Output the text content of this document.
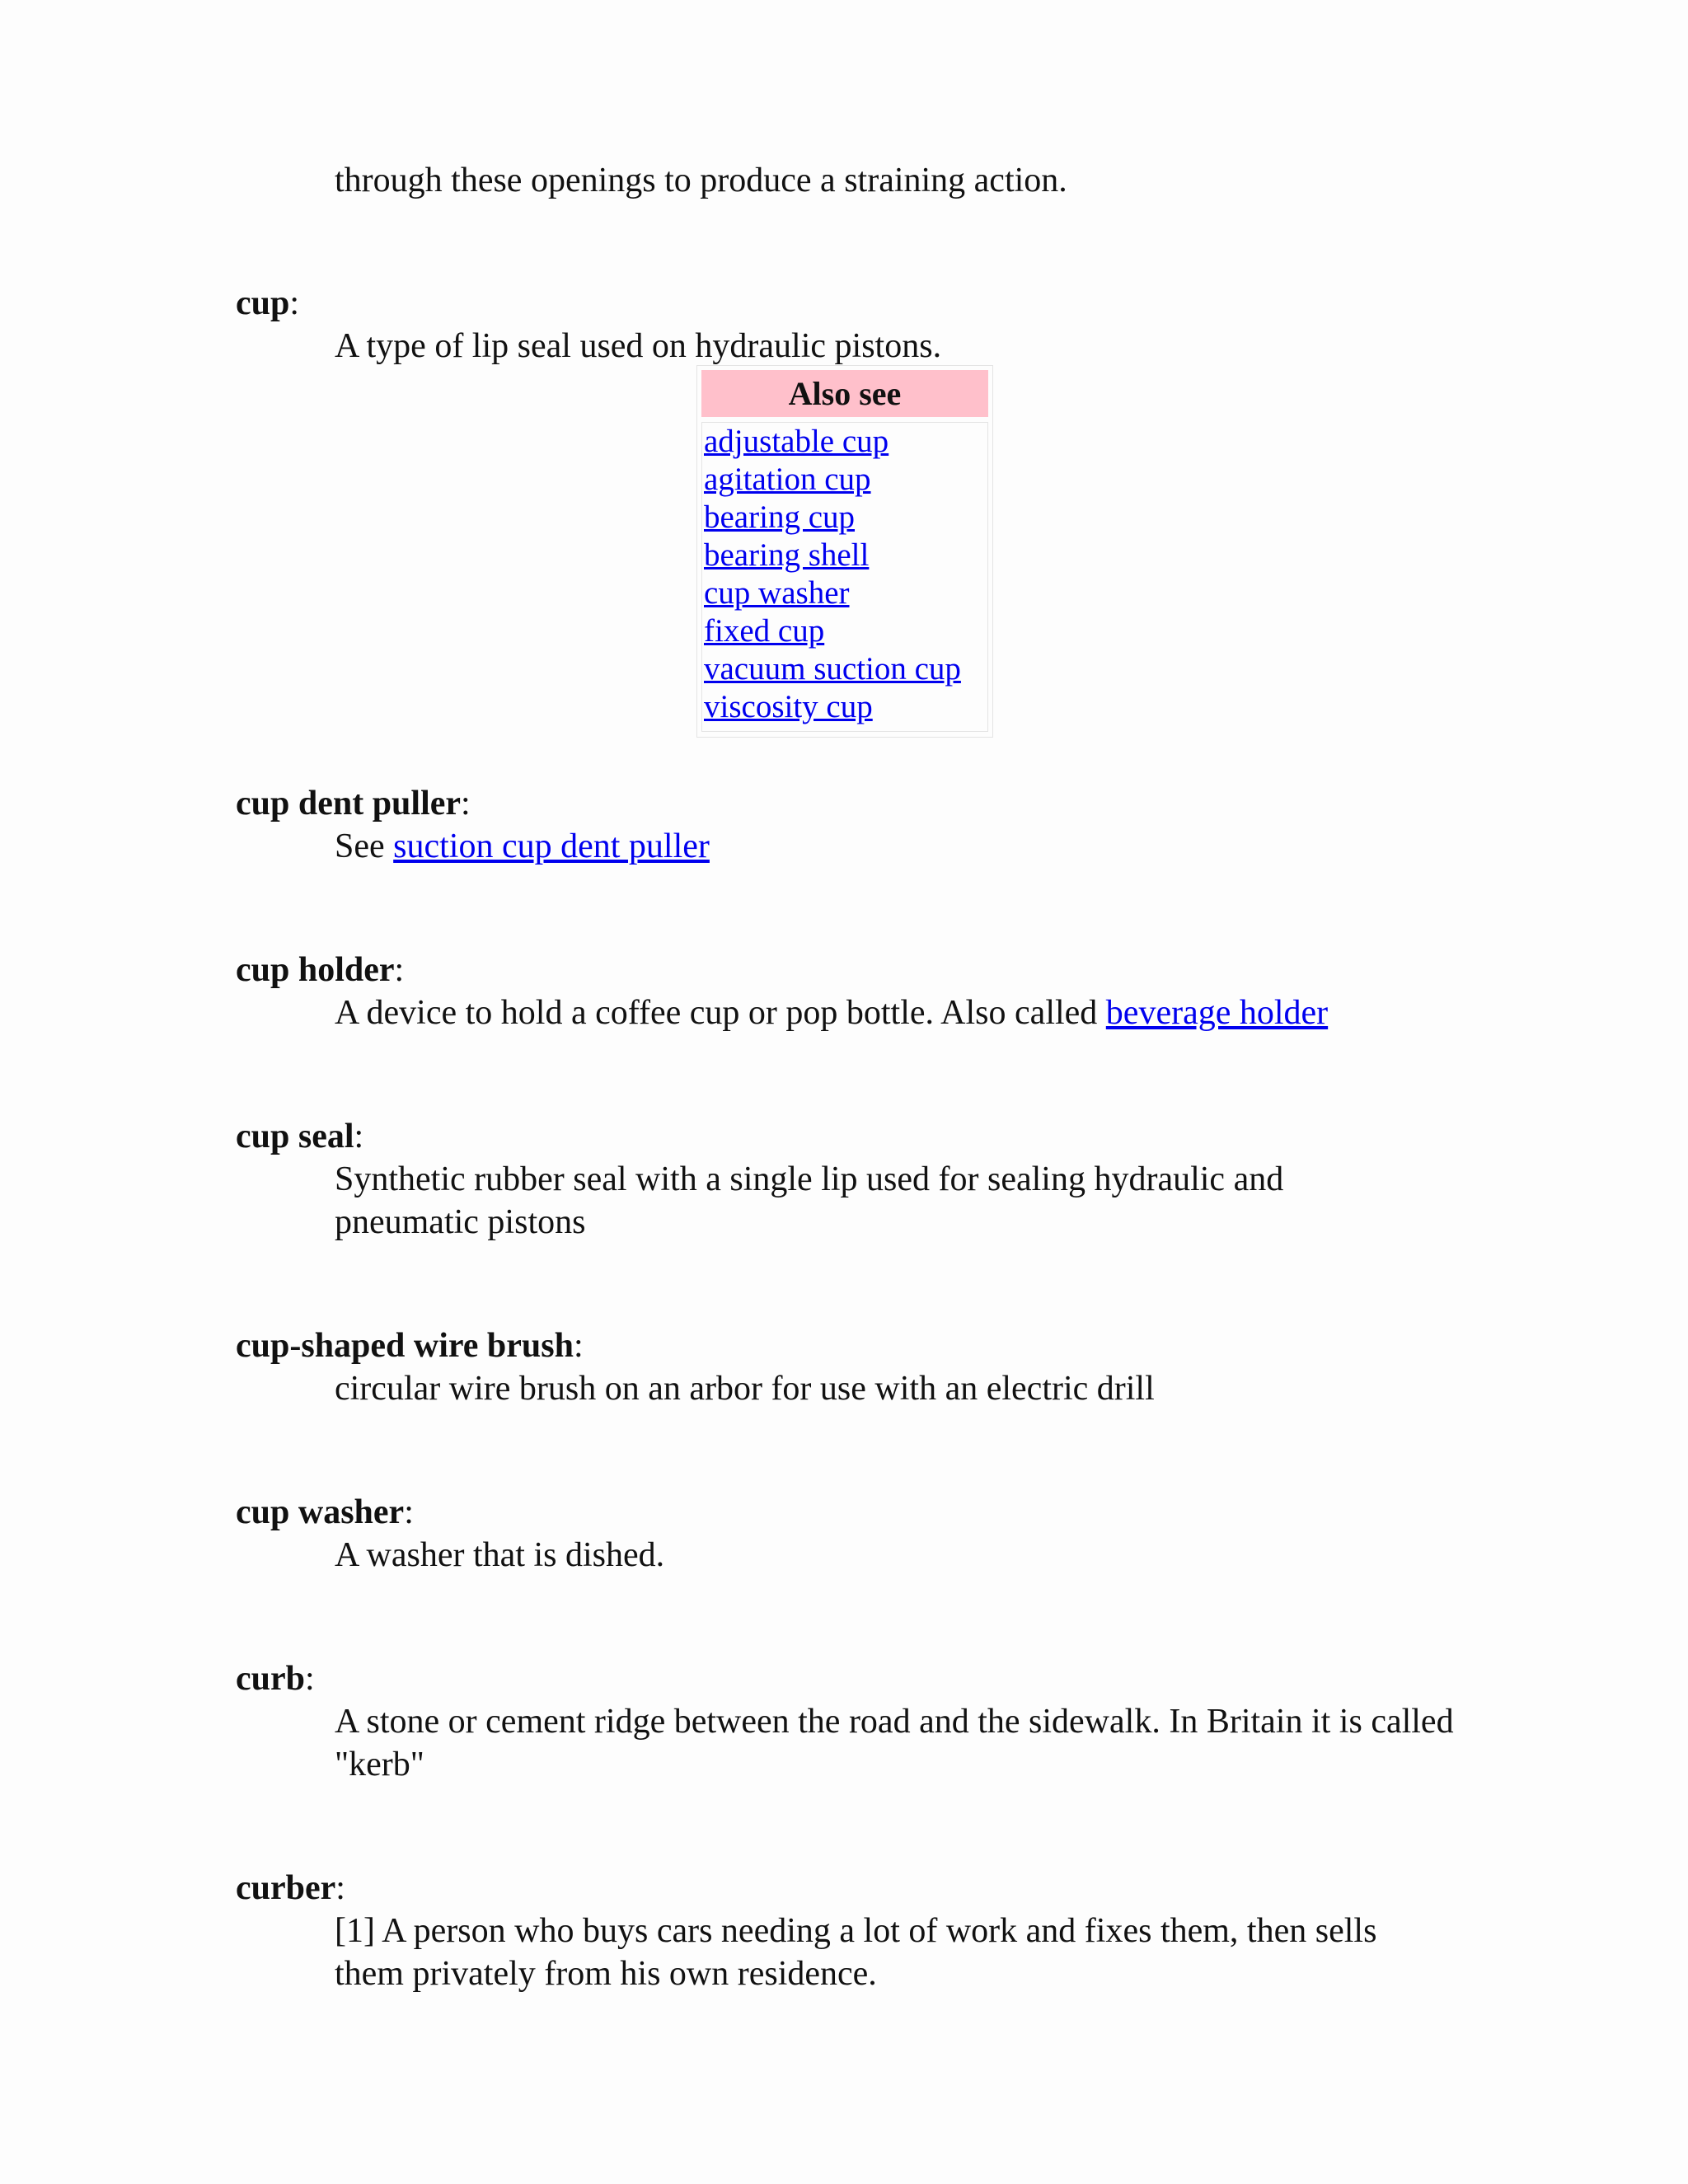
through these openings to produce a straining action.
cup:
A type of lip seal used on hydraulic pistons.
Also see
adjustable cup
agitation cup
bearing cup
bearing shell
cup washer
fixed cup
vacuum suction cup
viscosity cup
cup dent puller:
See suction cup dent puller
cup holder:
A device to hold a coffee cup or pop bottle. Also called beverage holder
cup seal:
Synthetic rubber seal with a single lip used for sealing hydraulic and pneumatic pistons
cup-shaped wire brush:
circular wire brush on an arbor for use with an electric drill
cup washer:
A washer that is dished.
curb:
A stone or cement ridge between the road and the sidewalk. In Britain it is called "kerb"
curber:
[1] A person who buys cars needing a lot of work and fixes them, then sells them privately from his own residence.
